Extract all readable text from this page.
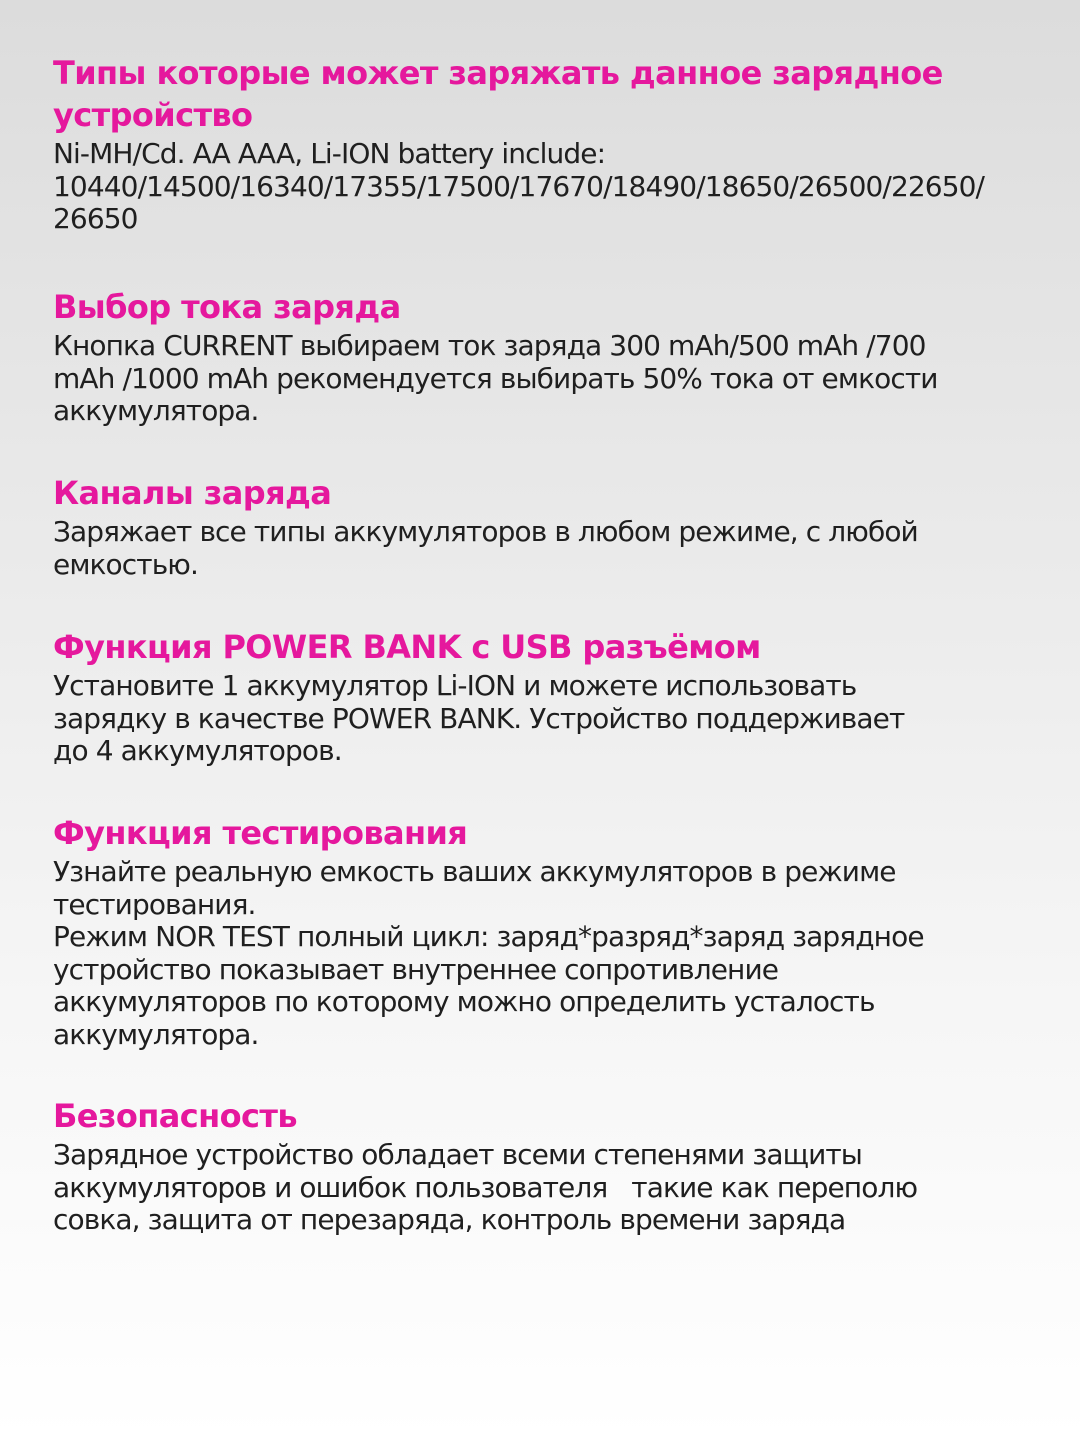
Типы которые может заряжать данное зарядное устройство

Ni-MH/Cd. AA AAA, Li-ION battery include:
10440/14500/16340/17355/17500/17670/18490/18650/26500/22650/
26650

Выбор тока заряда

Кнопка CURRENT выбираем ток заряда 300 mAh/500 mAh /700
mAh /1000 mAh рекомендуется выбирать 50% тока от емкости
аккумулятора.

Каналы заряда

Заряжает все типы аккумуляторов в любом режиме, с любой
емкостью.

Функция POWER BANK c USB разъёмом

Установите 1 аккумулятор Li-ION и можете использовать
зарядку в качестве POWER BANK. Устройство поддерживает
до 4 аккумуляторов.

Функция тестирования

Узнайте реальную емкость ваших аккумуляторов в режиме
тестирования.
Режим NOR TEST полный цикл: заряд*разряд*заряд зарядное
устройство показывает внутреннее сопротивление
аккумуляторов по которому можно определить усталость
аккумулятора.

Безопасность

Зарядное устройство обладает всеми степенями защиты
аккумуляторов и ошибок пользователя   такие как переполю
совка, защита от перезаряда, контроль времени заряда
